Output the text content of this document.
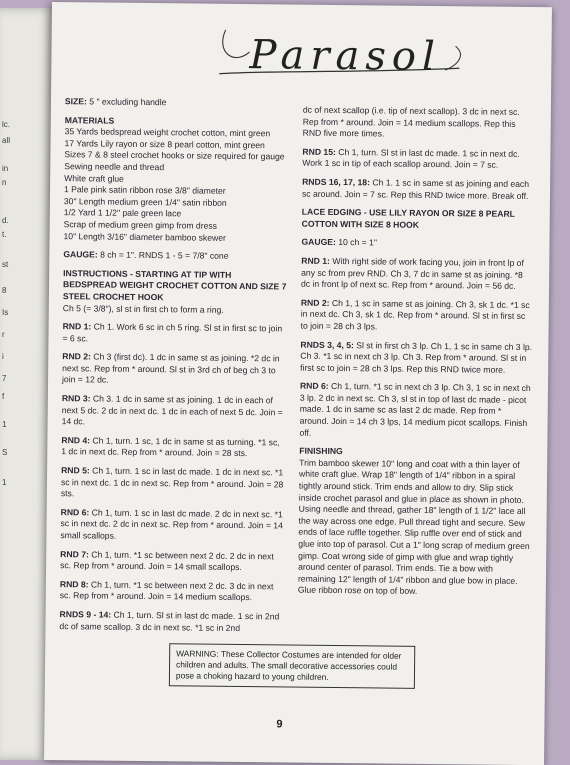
lc.
all
in
n
d.
t.
st
8
Is
r
i
7
f
1
S
1
Parasol

SIZE: 5 " excluding handle

MATERIALS
35 Yards bedspread weight crochet cotton, mint green
17 Yards Lily rayon or size 8 pearl cotton, mint green
Sizes 7 & 8 steel crochet hooks or size required for gauge
Sewing needle and thread
White craft glue
1 Pale pink satin ribbon rose 3/8" diameter
30" Length medium green 1/4" satin ribbon
1/2 Yard 1 1/2" pale green lace
Scrap of medium green gimp from dress
10" Length 3/16" diameter bamboo skewer

GAUGE: 8 ch = 1". RNDS 1 - 5 = 7/8" cone

INSTRUCTIONS - STARTING AT TIP WITH BEDSPREAD WEIGHT CROCHET COTTON AND SIZE 7 STEEL CROCHET HOOK
Ch 5 (= 3/8"), sl st in first ch to form a ring.

RND 1: Ch 1. Work 6 sc in ch 5 ring. Sl st in first sc to join = 6 sc.

RND 2: Ch 3 (first dc). 1 dc in same st as joining. *2 dc in next sc. Rep from * around. Sl st in 3rd ch of beg ch 3 to join = 12 dc.

RND 3: Ch 3. 1 dc in same st as joining. 1 dc in each of next 5 dc. 2 dc in next dc. 1 dc in each of next 5 dc. Join = 14 dc.

RND 4: Ch 1, turn. 1 sc, 1 dc in same st as turning. *1 sc, 1 dc in next dc. Rep from * around. Join = 28 sts.

RND 5: Ch 1, turn. 1 sc in last dc made. 1 dc in next sc. *1 sc in next dc. 1 dc in next sc. Rep from * around. Join = 28 sts.

RND 6: Ch 1, turn. 1 sc in last dc made. 2 dc in next sc. *1 sc in next dc. 2 dc in next sc. Rep from * around. Join = 14 small scallops.

RND 7: Ch 1, turn. *1 sc between next 2 dc. 2 dc in next sc. Rep from * around. Join = 14 small scallops.

RND 8: Ch 1, turn. *1 sc between next 2 dc. 3 dc in next sc. Rep from * around. Join = 14 medium scallops.

RNDS 9 - 14: Ch 1, turn. Sl st in last dc made. 1 sc in 2nd dc of same scallop. 3 dc in next sc. *1 sc in 2nd

dc of next scallop (i.e. tip of next scallop). 3 dc in next sc. Rep from * around. Join = 14 medium scallops. Rep this RND five more times.

RND 15: Ch 1, turn. Sl st in last dc made. 1 sc in next dc. Work 1 sc in tip of each scallop around. Join = 7 sc.

RNDS 16, 17, 18: Ch 1. 1 sc in same st as joining and each sc around. Join = 7 sc. Rep this RND twice more. Break off.

LACE EDGING - USE LILY RAYON OR SIZE 8 PEARL COTTON WITH SIZE 8 HOOK

GAUGE: 10 ch = 1"

RND 1: With right side of work facing you, join in front lp of any sc from prev RND. Ch 3, 7 dc in same st as joining. *8 dc in front lp of next sc. Rep from * around. Join = 56 dc.

RND 2: Ch 1, 1 sc in same st as joining. Ch 3, sk 1 dc. *1 sc in next dc. Ch 3, sk 1 dc. Rep from * around. Sl st in first sc to join = 28 ch 3 lps.

RNDS 3, 4, 5: Sl st in first ch 3 lp. Ch 1, 1 sc in same ch 3 lp. Ch 3. *1 sc in next ch 3 lp. Ch 3. Rep from * around. Sl st in first sc to join = 28 ch 3 lps. Rep this RND twice more.

RND 6: Ch 1, turn. *1 sc in next ch 3 lp. Ch 3, 1 sc in next ch 3 lp. 2 dc in next sc. Ch 3, sl st in top of last dc made - picot made. 1 dc in same sc as last 2 dc made. Rep from * around. Join = 14 ch 3 lps, 14 medium picot scallops. Finish off.

FINISHING
Trim bamboo skewer 10" long and coat with a thin layer of white craft glue. Wrap 18" length of 1/4" ribbon in a spiral tightly around stick. Trim ends and allow to dry. Slip stick inside crochet parasol and glue in place as shown in photo. Using needle and thread, gather 18" length of 1 1/2" lace all the way across one edge. Pull thread tight and secure. Sew ends of lace ruffle together. Slip ruffle over end of stick and glue into top of parasol. Cut a 1" long scrap of medium green gimp. Coat wrong side of gimp with glue and wrap tightly around center of parasol. Trim ends. Tie a bow with remaining 12" length of 1/4" ribbon and glue bow in place. Glue ribbon rose on top of bow.

WARNING: These Collector Costumes are intended for older children and adults. The small decorative accessories could pose a choking hazard to young children.
9
